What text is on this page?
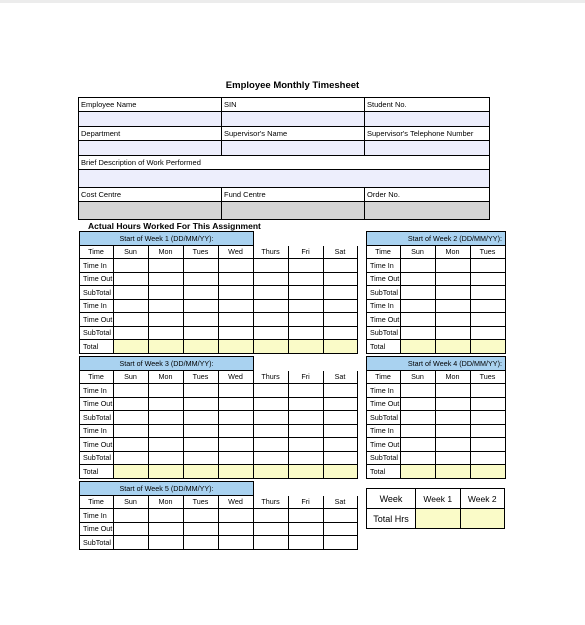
Employee Monthly Timesheet
Employee Name	SIN	Student No.

Department	Supervisor's Name	Supervisor's Telephone Number

Brief Description of Work Performed		

Cost Centre	Fund Centre	Order No.

Actual Hours Worked For This Assignment
Start of Week 1 (DD/MM/YY):							
Time	Sun	Mon	Tues	Wed	Thurs	Fri	Sat
Time In							
Time Out							
SubTotal							
Time In							
Time Out							
SubTotal							
Total							
Start of Week 2 (DD/MM/YY):			
Time	Sun	Mon	Tues
Time In			
Time Out			
SubTotal			
Time In			
Time Out			
SubTotal			
Total			
Start of Week 3 (DD/MM/YY):							
Time	Sun	Mon	Tues	Wed	Thurs	Fri	Sat
Time In							
Time Out							
SubTotal							
Time In							
Time Out							
SubTotal							
Total							
Start of Week 4 (DD/MM/YY):			
Time	Sun	Mon	Tues
Time In			
Time Out			
SubTotal			
Time In			
Time Out			
SubTotal			
Total			
Start of Week 5 (DD/MM/YY):							
Time	Sun	Mon	Tues	Wed	Thurs	Fri	Sat
Time In							
Time Out							
SubTotal							
Week	Week 1	Week 2
Total Hrs		
